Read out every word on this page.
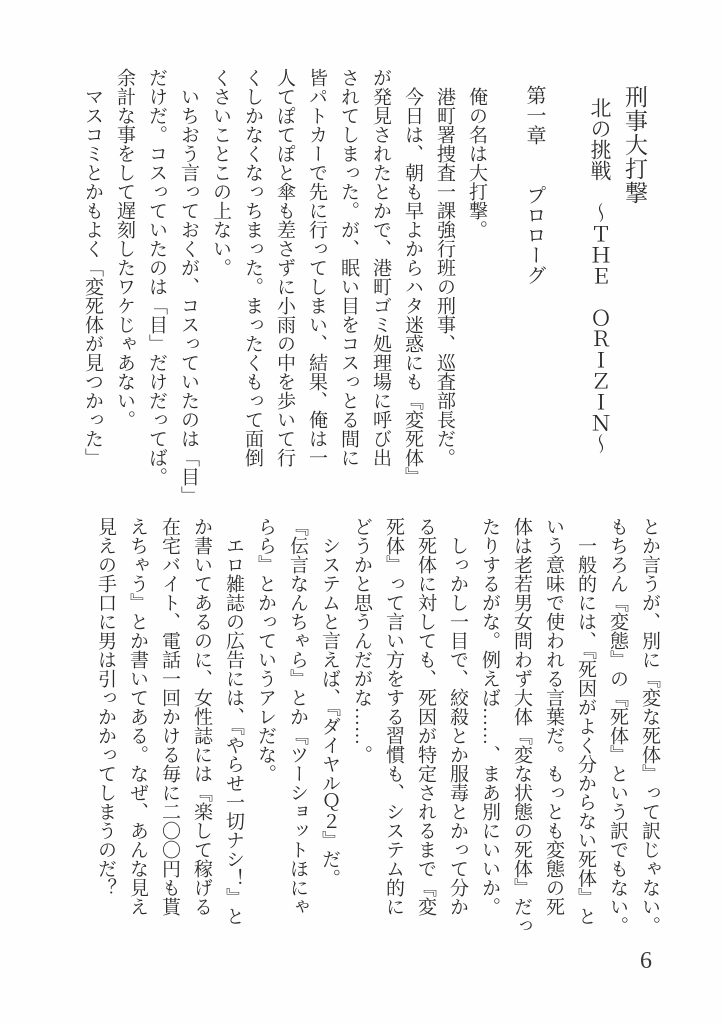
刑事大打撃
北の挑戦　～ＴＨＥ　ＯＲＩＺＩＮ～
第一章　　プロローグ
　俺の名は大打撃。
　港町署捜査一課強行班の刑事、巡査部長だ。
　今日は、朝も早よからハタ迷惑にも『変死体』
が発見されたとかで、港町ゴミ処理場に呼び出
されてしまった。が、眠い目をコスっとる間に
皆パトカーで先に行ってしまい、結果、俺は一
人てぽてぽと傘も差さずに小雨の中を歩いて行
くしかなくなっちまった。まったくもって面倒
くさいことこの上ない。
　いちおう言っておくが、コスっていたのは「目」
だけだ。コスっていたのは「目」だけだってば。
余計な事をして遅刻したワケじゃあない。
　マスコミとかもよく「変死体が見つかった」
とか言うが、別に『変な死体』って訳じゃない。
もちろん『変態』の『死体』という訳でもない。
　一般的には、『死因がよく分からない死体』と
いう意味で使われる言葉だ。もっとも変態の死
体は老若男女問わず大体『変な状態の死体』だっ
たりするがな。例えば……、まあ別にいいか。
　しっかし一目で、絞殺とか服毒とかって分か
る死体に対しても、死因が特定されるまで『変
死体』って言い方をする習慣も、システム的に
どうかと思うんだがな……。
　システムと言えば、『ダイヤルＱ２』だ。
『伝言なんちゃら』とか『ツーショットほにゃ
らら』とかっていうアレだな。
　エロ雑誌の広告には、『やらせ一切ナシ！』と
か書いてあるのに、女性誌には『楽して稼げる
在宅バイト、電話一回かける毎に二〇〇円も貰
えちゃう』とか書いてある。なぜ、あんな見え
見えの手口に男は引っかかってしまうのだ？
6
